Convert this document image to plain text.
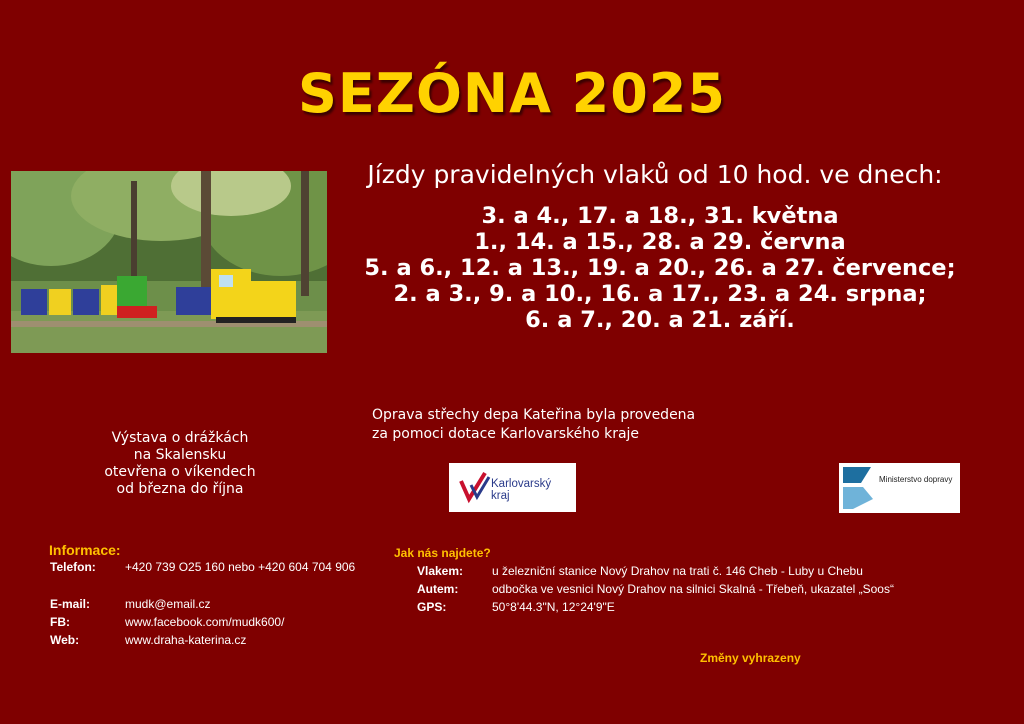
SEZÓNA 2025
Jízdy pravidelných vlaků od 10 hod. ve dnech:
3. a 4., 17. a 18., 31. května
1., 14. a 15., 28. a 29. června
5. a 6., 12. a 13., 19. a 20., 26. a 27. července;
2. a 3., 9. a 10., 16. a 17., 23. a 24. srpna;
6. a 7., 20. a 21. září.
Oprava střechy depa Kateřina byla provedena
za pomoci dotace Karlovarského kraje
Výstava o drážkách
na Skalensku
otevřena o víkendech
od března do října	Karlovarský
kraj
Ministerstvo dopravy
Informace:
Telefon: +420 739 O25 160 nebo +420 604 704 906
E-mail:	mudk@email.cz
FB:	www.facebook.com/mudk600/
Web:	www.draha-katerina.cz
Jak nás najdete?
Vlakem: u železniční stanice Nový Drahov na trati č. 146 Cheb - Luby u Chebu
Autem:	odbočka ve vesnici Nový Drahov na silnici Skalná - Třebeň, ukazatel „Soos“
GPS:	50°8'44.3"N, 12°24'9"E
Změny vyhrazeny
